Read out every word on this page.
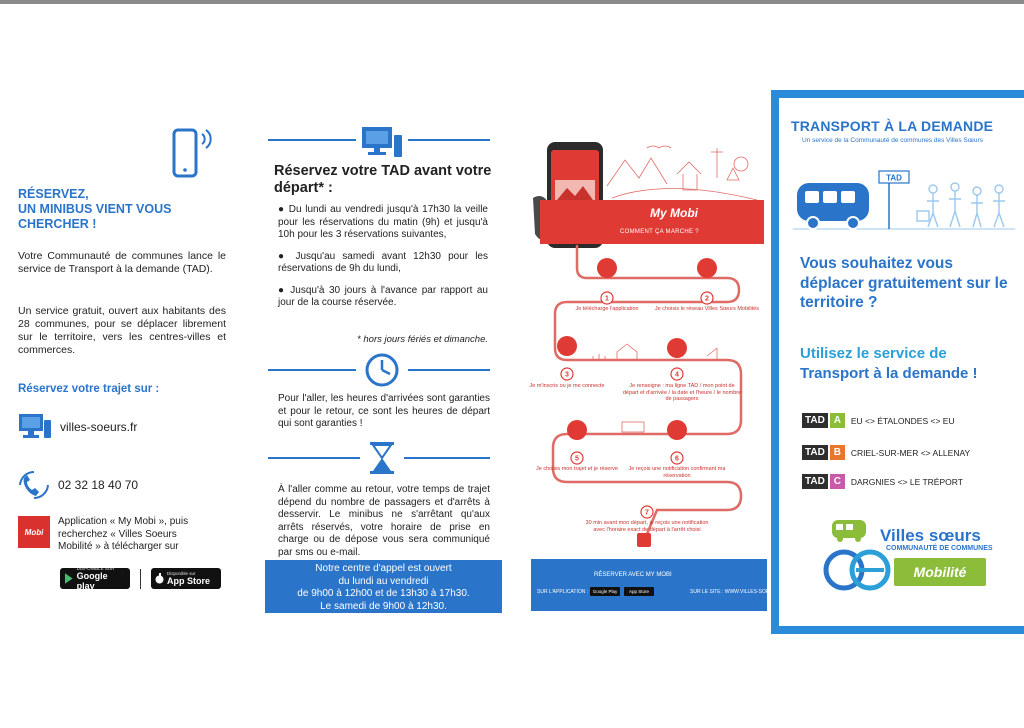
RÉSERVEZ,
UN MINIBUS VIENT VOUS
CHERCHER !
Votre Communauté de communes lance le service de Transport à la demande (TAD).
Un service gratuit, ouvert aux habitants des 28 communes, pour se déplacer librement sur le territoire, vers les centres-villes et commerces.
Réservez votre trajet sur :
villes-soeurs.fr
02 32 18 40 70
Mobi
Application « My Mobi », puis recherchez « Villes Soeurs Mobilité » à télécharger sur
DISPONIBLE SUR
Google play
Disponible sur
App Store
Réservez votre TAD avant votre départ* :
● Du lundi au vendredi jusqu'à 17h30 la veille pour les réservations du matin (9h) et jusqu'à 10h pour les 3 réservations suivantes,
● Jusqu'au samedi avant 12h30 pour les réservations de 9h du lundi,
● Jusqu'à 30 jours à l'avance par rapport au jour de la course réservée.
* hors jours fériés et dimanche.
Pour l'aller, les heures d'arrivées sont garanties et pour le retour, ce sont les heures de départ qui sont garanties !
À l'aller comme au retour, votre temps de trajet dépend du nombre de passagers et d'arrêts à desservir. Le minibus ne s'arrêtant qu'aux arrêts réservés, votre horaire de prise en charge ou de dépose vous sera communiqué par sms ou e-mail.
Notre centre d'appel est ouvert
du lundi au vendredi
de 9h00 à 12h00 et de 13h30 à 17h30.
Le samedi de 9h00 à 12h30.
1	2
3	4
5	6
7
My Mobi
COMMENT ÇA MARCHE ?
Je télécharge l'application	Je choisis le réseau Villes Sœurs Mobilités
Je m'inscris ou je me connecte	Je renseigne : ma ligne TAD / mon point de départ et d'arrivée / la date et l'heure / le nombre de passagers
Je choisis mon trajet et je réserve	Je reçois une notification confirmant ma réservation
30 min avant mon départ, je reçois une notification avec l'horaire exact de départ à l'arrêt choisi
RÉSERVER AVEC MY MOBI
SUR L'APPLICATION :	Google Play	App Store	SUR LE SITE : WWW.VILLES-SOEURS.FR
TRANSPORT À LA DEMANDE
Un service de la Communauté de communes des Villes Sœurs
TAD
Vous souhaitez vous déplacer gratuitement sur le territoire ?
Utilisez le service de
Transport à la demande !
TAD A	EU <> ÉTALONDES <> EU
TAD B	CRIEL-SUR-MER <> ALLENAY
TAD C	DARGNIES <> LE TRÉPORT
Villes sœurs
COMMUNAUTÉ DE COMMUNES
Mobilité
